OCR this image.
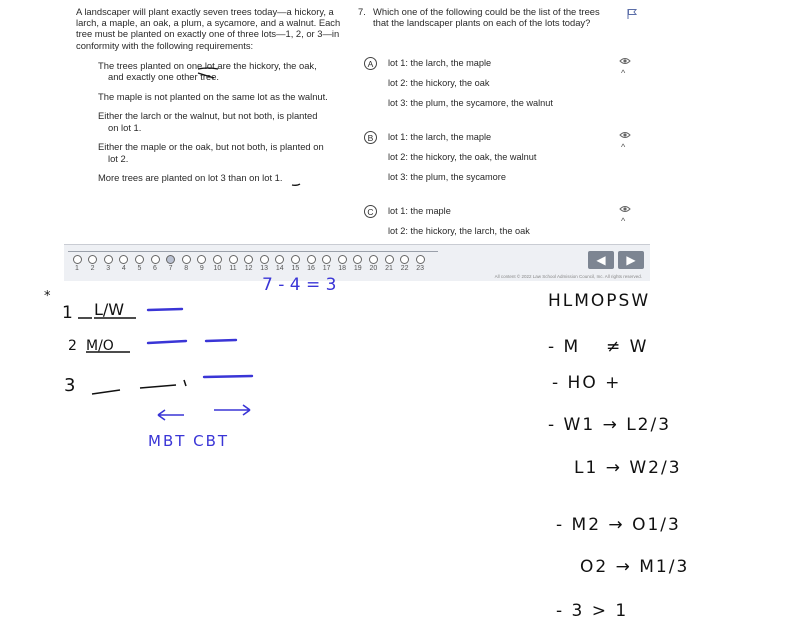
A landscaper will plant exactly seven trees today—a hickory, a larch, a maple, an oak, a plum, a sycamore, and a walnut. Each tree must be planted on exactly one of three lots—1, 2, or 3—in conformity with the following requirements:

The trees planted on one lot are the hickory, the oak,
and exactly one other tree.

The maple is not planted on the same lot as the walnut.

Either the larch or the walnut, but not both, is planted
on lot 1.

Either the maple or the oak, but not both, is planted on
lot 2.

More trees are planted on lot 3 than on lot 1.

7. Which one of the following could be the list of the trees that the landscaper plants on each of the lots today?
A	lot 1: the larch, the maple
lot 2: the hickory, the oak
lot 3: the plum, the sycamore, the walnut
^
B	lot 1: the larch, the maple
lot 2: the hickory, the oak, the walnut
lot 3: the plum, the sycamore
^
C	lot 1: the maple
lot 2: the hickory, the larch, the oak
^
1	2	3	4	5	6	7	8	9	10	11	12	13	14	15	16	17	18	19	20	21	22	23
◀ ▶
All content © 2022 Law School Admission Council, Inc. All rights reserved.
7 - 4 = 3
*
1
2
3
L/W
M/O
MBT CBT
HLMOPSW
- M ≠ W
- HO +
- W1 → L2/3
L1 → W2/3
- M2 → O1/3
O2 → M1/3
- 3 > 1
